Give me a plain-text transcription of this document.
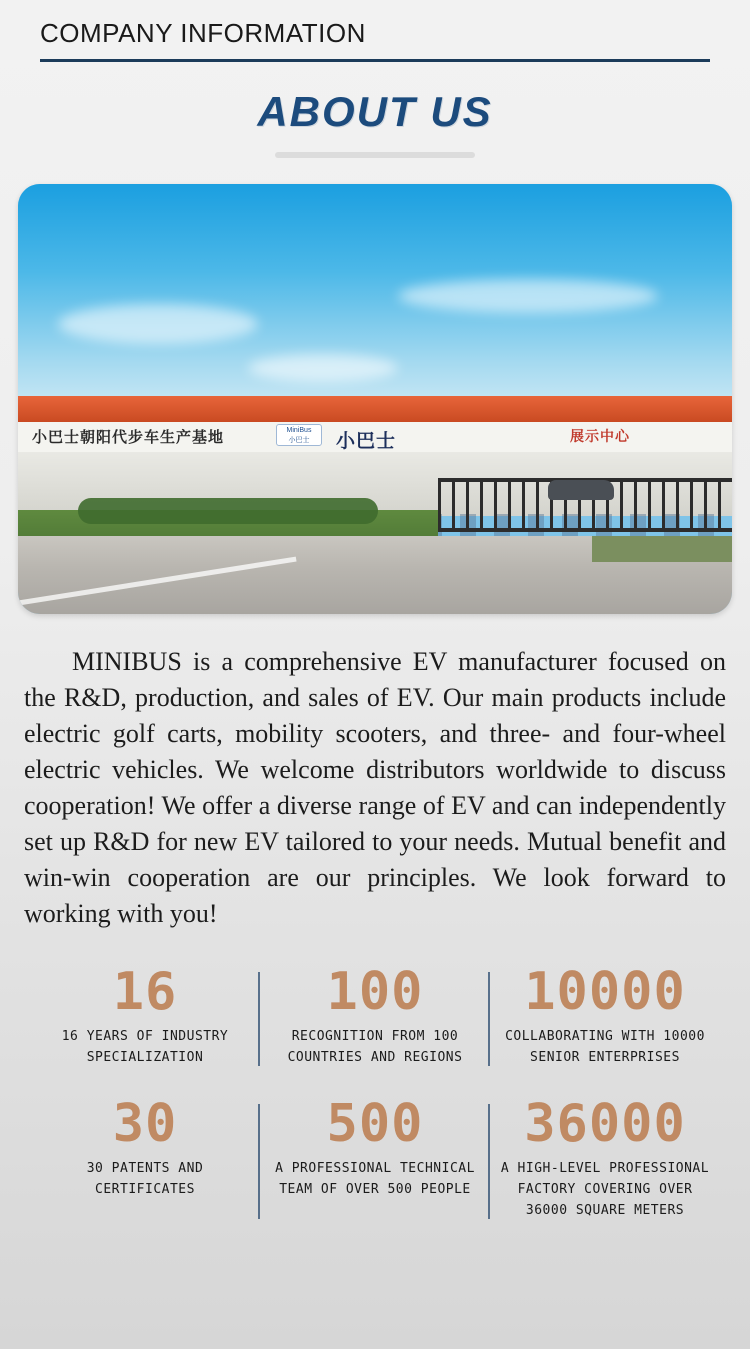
COMPANY INFORMATION
ABOUT US
小巴士朝阳代步车生产基地	MiniBus
小巴士	小巴士	展示中心
MINIBUS is a comprehensive EV manufacturer focused on the R&D, production, and sales of EV. Our main products include electric golf carts, mobility scooters, and three- and four-wheel electric vehicles. We welcome distributors worldwide to discuss cooperation! We offer a diverse range of EV and can independently set up R&D for new EV tailored to your needs. Mutual benefit and win-win cooperation are our principles. We look forward to working with you!
16
16 YEARS OF INDUSTRY SPECIALIZATION
100
RECOGNITION FROM 100 COUNTRIES AND REGIONS
10000
COLLABORATING WITH 10000 SENIOR ENTERPRISES
30
30 PATENTS AND CERTIFICATES
500
A PROFESSIONAL TECHNICAL TEAM OF OVER 500 PEOPLE
36000
A HIGH-LEVEL PROFESSIONAL FACTORY COVERING OVER 36000 SQUARE METERS
